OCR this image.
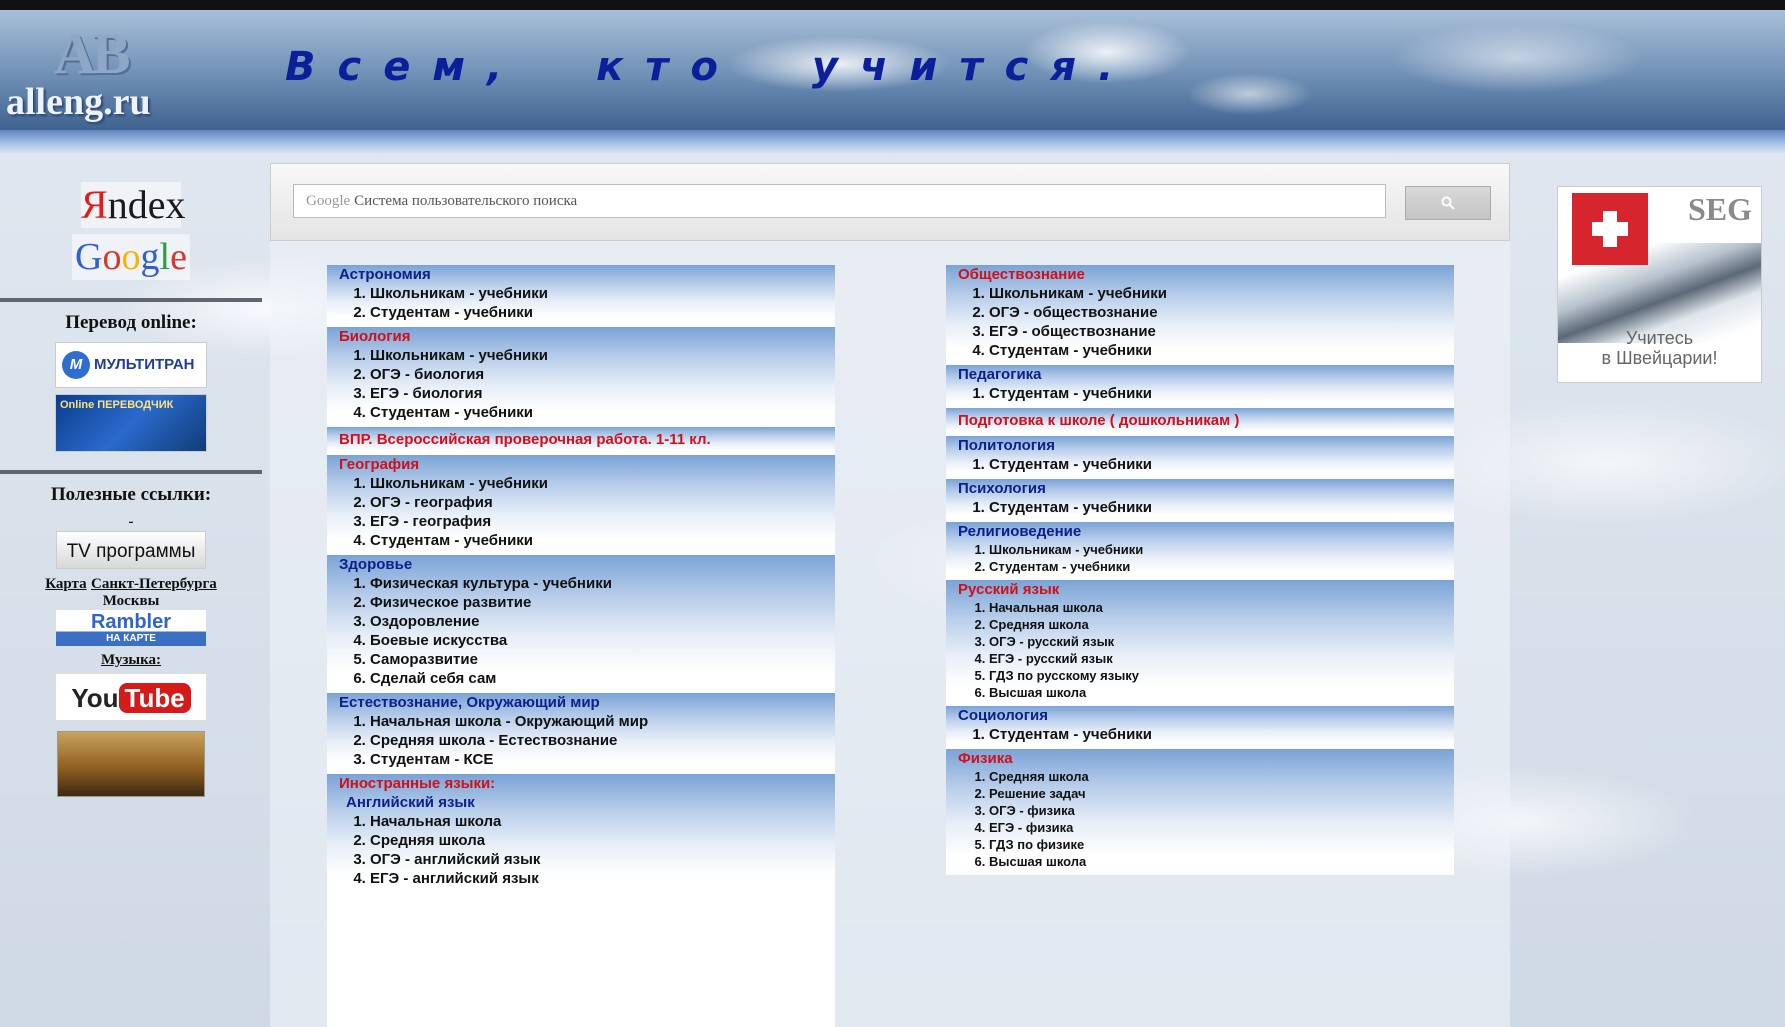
AB
alleng.ru
Всем, кто учится.
Яndex
Google
Перевод online:
M МУЛЬТИТРАН
Online ПЕРЕВОДЧИК
Полезные ссылки:
-
TV программы
Карта Санкт-Петербурга
Москвы
Rambler
НА КАРТЕ
Музыка:
You Tube
Google Система пользовательского поиска
Астрономия
1. Школьникам - учебники
2. Студентам - учебники
Биология
1. Школьникам - учебники
2. ОГЭ - биология
3. ЕГЭ - биология
4. Студентам - учебники
ВПР. Всероссийская проверочная работа. 1-11 кл.
География
1. Школьникам - учебники
2. ОГЭ - география
3. ЕГЭ - география
4. Студентам - учебники
Здоровье
1. Физическая культура - учебники
2. Физическое развитие
3. Оздоровление
4. Боевые искусства
5. Саморазвитие
6. Сделай себя сам
Естествознание, Окружающий мир
1. Начальная школа - Окружающий мир
2. Средняя школа - Естествознание
3. Студентам - КСЕ
Иностранные языки:
Английский язык
1. Начальная школа
2. Средняя школа
3. ОГЭ - английский язык
4. ЕГЭ - английский язык
Обществознание
1. Школьникам - учебники
2. ОГЭ - обществознание
3. ЕГЭ - обществознание
4. Студентам - учебники
Педагогика
1. Студентам - учебники
Подготовка к школе ( дошкольникам )
Политология
1. Студентам - учебники
Психология
1. Студентам - учебники
Религиоведение
1. Школьникам - учебники
2. Студентам - учебники
Русский язык
1. Начальная школа
2. Средняя школа
3. ОГЭ - русский язык
4. ЕГЭ - русский язык
5. ГДЗ по русскому языку
6. Высшая школа
Социология
1. Студентам - учебники
Физика
1. Средняя школа
2. Решение задач
3. ОГЭ - физика
4. ЕГЭ - физика
5. ГДЗ по физике
6. Высшая школа
SEG
Учитесь
в Швейцарии!
